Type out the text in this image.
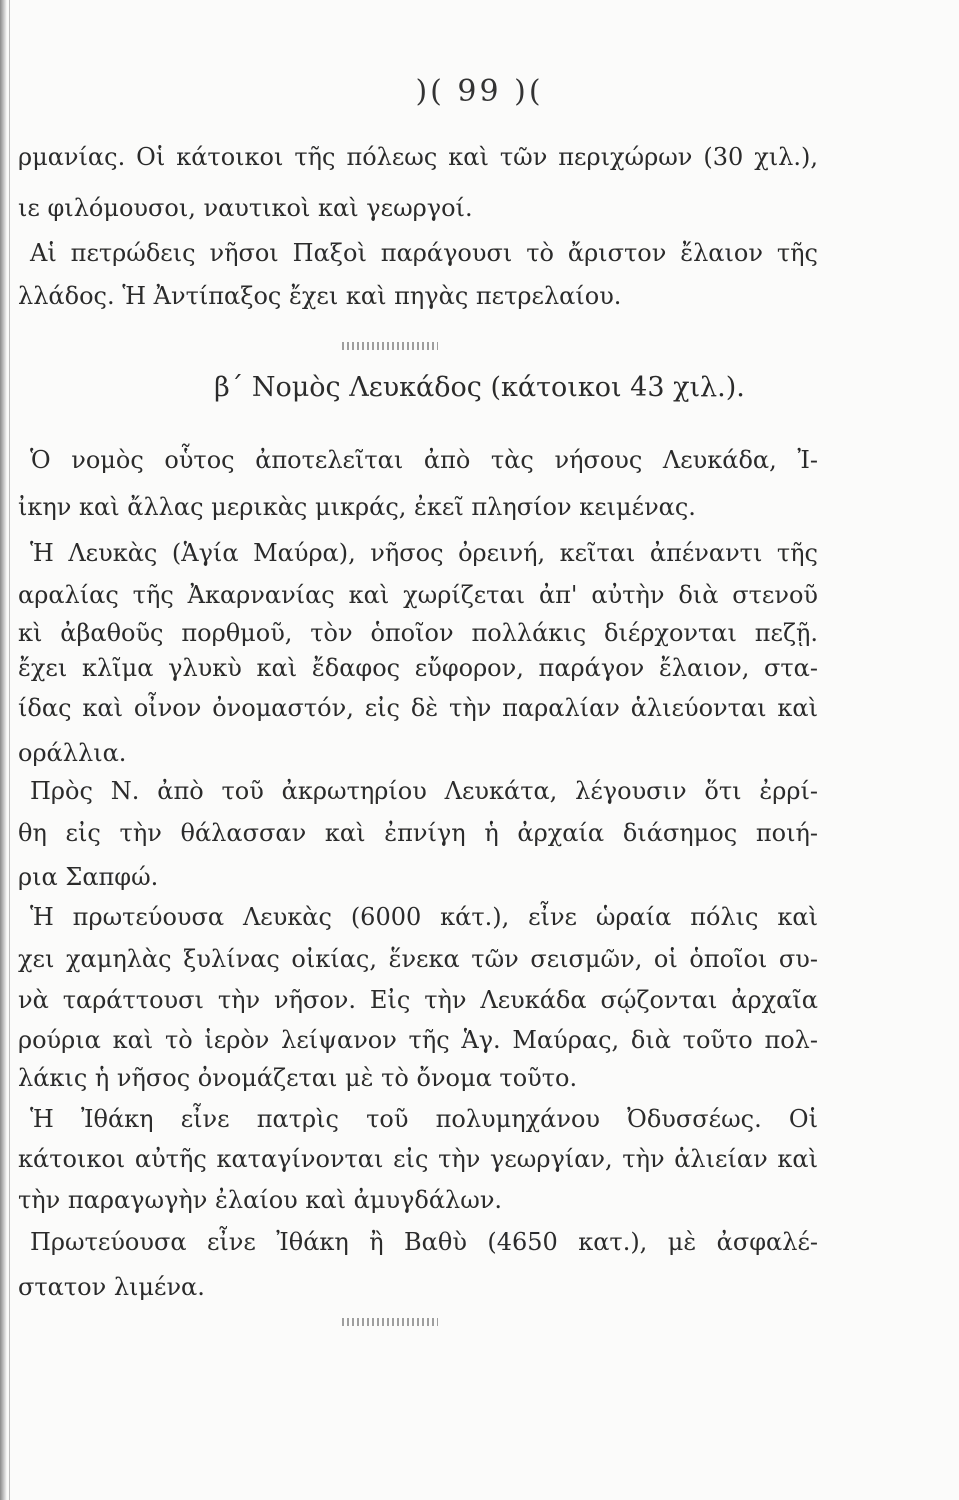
)( 99 )(
ρμανίας. Οἱ κάτοικοι τῆς πόλεως καὶ τῶν περιχώρων (30 χιλ.),
ιε φιλόμουσοι, ναυτικοὶ καὶ γεωργοί.
Αἱ πετρώδεις νῆσοι Παξοὶ παράγουσι τὸ ἄριστον ἔλαιον τῆς
λλάδος. Ἡ Ἀντίπαξος ἔχει καὶ πηγὰς πετρελαίου.
β΄ Νομὸς Λευκάδος (κάτοικοι 43 χιλ.).
Ὁ νομὸς οὗτος ἀποτελεῖται ἀπὸ τὰς νήσους Λευκάδα, Ἰ-
ἰκην καὶ ἄλλας μερικὰς μικράς, ἐκεῖ πλησίον κειμένας.
Ἡ Λευκὰς (Ἁγία Μαύρα), νῆσος ὀρεινή, κεῖται ἀπέναντι τῆς
αραλίας τῆς Ἀκαρνανίας καὶ χωρίζεται ἀπ' αὐτὴν διὰ στενοῦ
κὶ ἀβαθοῦς πορθμοῦ, τὸν ὁποῖον πολλάκις διέρχονται πεζῇ.
ἔχει κλῖμα γλυκὺ καὶ ἔδαφος εὔφορον, παράγον ἔλαιον, στα-
ίδας καὶ οἶνον ὀνομαστόν, εἰς δὲ τὴν παραλίαν ἁλιεύονται καὶ
οράλλια.
Πρὸς Ν. ἀπὸ τοῦ ἀκρωτηρίου Λευκάτα, λέγουσιν ὅτι ἐρρί-
θη εἰς τὴν θάλασσαν καὶ ἐπνίγη ἡ ἀρχαία διάσημος ποιή-
ρια Σαπφώ.
Ἡ πρωτεύουσα Λευκὰς (6000 κάτ.), εἶνε ὡραία πόλις καὶ
χει χαμηλὰς ξυλίνας οἰκίας, ἕνεκα τῶν σεισμῶν, οἱ ὁποῖοι συ-
νὰ ταράττουσι τὴν νῆσον. Εἰς τὴν Λευκάδα σῴζονται ἀρχαῖα
ρούρια καὶ τὸ ἱερὸν λείψανον τῆς Ἁγ. Μαύρας, διὰ τοῦτο πολ-
λάκις ἡ νῆσος ὀνομάζεται μὲ τὸ ὄνομα τοῦτο.
Ἡ Ἰθάκη εἶνε πατρὶς τοῦ πολυμηχάνου Ὀδυσσέως. Οἱ
κάτοικοι αὐτῆς καταγίνονται εἰς τὴν γεωργίαν, τὴν ἁλιείαν καὶ
τὴν παραγωγὴν ἐλαίου καὶ ἀμυγδάλων.
Πρωτεύουσα εἶνε Ἰθάκη ἢ Βαθὺ (4650 κατ.), μὲ ἀσφαλέ-
στατον λιμένα.
